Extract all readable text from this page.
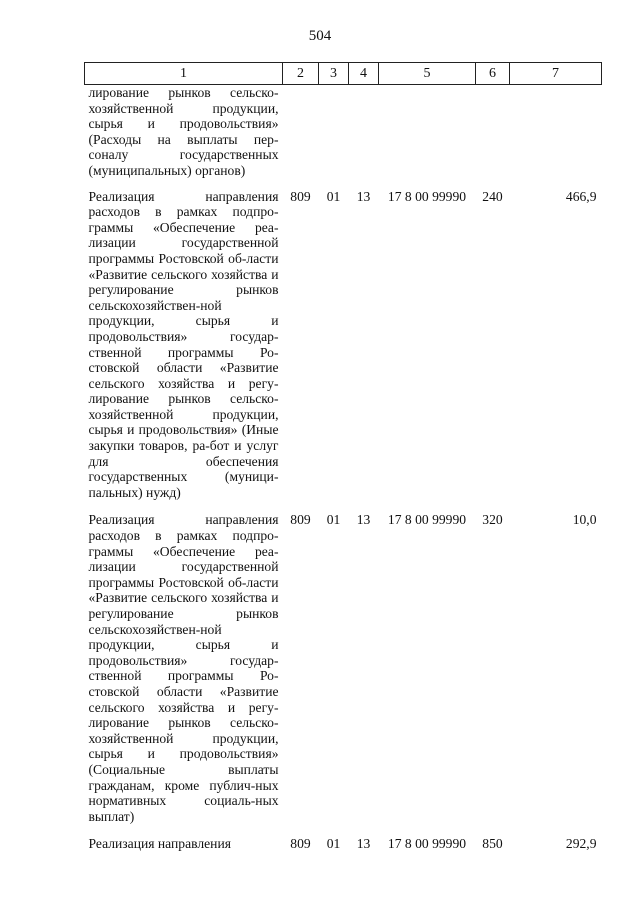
504
1	2	3	4	5	6	7
лирование рынков сельско-хозяйственной продукции, сырья и продовольствия» (Расходы на выплаты пер-соналу государственных (муниципальных) органов)						
Реализация направления расходов в рамках подпро-граммы «Обеспечение реа-лизации государственной программы Ростовской об-ласти «Развитие сельского хозяйства и регулирование рынков сельскохозяйствен-ной продукции, сырья и продовольствия» государ-ственной программы Ро-стовской области «Развитие сельского хозяйства и регу-лирование рынков сельско-хозяйственной продукции, сырья и продовольствия» (Иные закупки товаров, ра-бот и услуг для обеспечения государственных (муници-пальных) нужд)	809	01	13	17 8 00 99990	240	466,9
Реализация направления расходов в рамках подпро-граммы «Обеспечение реа-лизации государственной программы Ростовской об-ласти «Развитие сельского хозяйства и регулирование рынков сельскохозяйствен-ной продукции, сырья и продовольствия» государ-ственной программы Ро-стовской области «Развитие сельского хозяйства и регу-лирование рынков сельско-хозяйственной продукции, сырья и продовольствия» (Социальные выплаты гражданам, кроме публич-ных нормативных социаль-ных выплат)	809	01	13	17 8 00 99990	320	10,0
Реализация направления	809	01	13	17 8 00 99990	850	292,9
